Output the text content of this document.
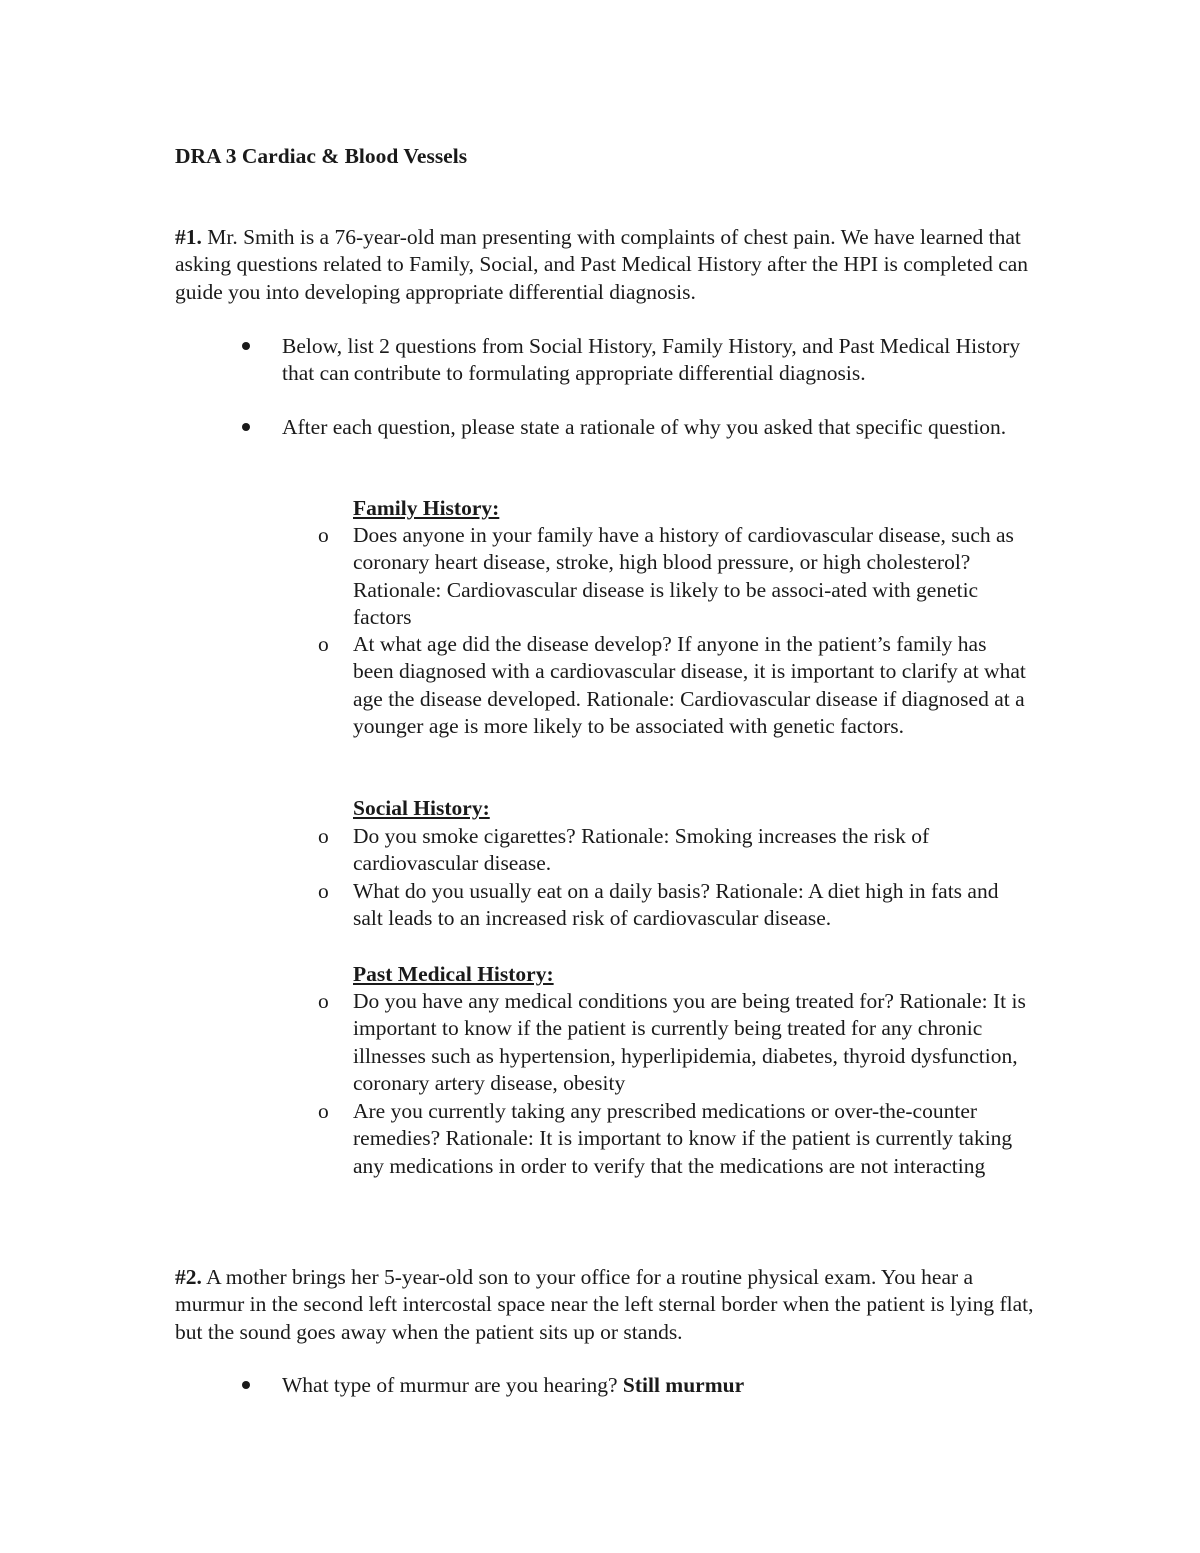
DRA 3 Cardiac & Blood Vessels

#1. Mr. Smith is a 76-year-old man presenting with complaints of chest pain. We have learned that asking questions related to Family, Social, and Past Medical History after the HPI is completed can guide you into developing appropriate differential diagnosis.

Below, list 2 questions from Social History, Family History, and Past Medical History that can contribute to formulating appropriate differential diagnosis.

After each question, please state a rationale of why you asked that specific question.

Family History:

o Does anyone in your family have a history of cardiovascular disease, such as coronary heart disease, stroke, high blood pressure, or high cholesterol? Rationale: Cardiovascular disease is likely to be associ-ated with genetic factors

o At what age did the disease develop? If anyone in the patient’s family has been diagnosed with a cardiovascular disease, it is important to clarify at what age the disease developed. Rationale: Cardiovascular disease if diagnosed at a younger age is more likely to be associated with genetic factors.

Social History:

o Do you smoke cigarettes? Rationale: Smoking increases the risk of cardiovascular disease.

o What do you usually eat on a daily basis? Rationale: A diet high in fats and salt leads to an increased risk of cardiovascular disease.

Past Medical History:

o Do you have any medical conditions you are being treated for? Rationale: It is important to know if the patient is currently being treated for any chronic illnesses such as hypertension, hyperlipidemia, diabetes, thyroid dysfunction, coronary artery disease, obesity

o Are you currently taking any prescribed medications or over-the-counter remedies? Rationale: It is important to know if the patient is currently taking any medications in order to verify that the medications are not interacting

#2. A mother brings her 5-year-old son to your office for a routine physical exam. You hear a murmur in the second left intercostal space near the left sternal border when the patient is lying flat, but the sound goes away when the patient sits up or stands.

What type of murmur are you hearing? Still murmur
